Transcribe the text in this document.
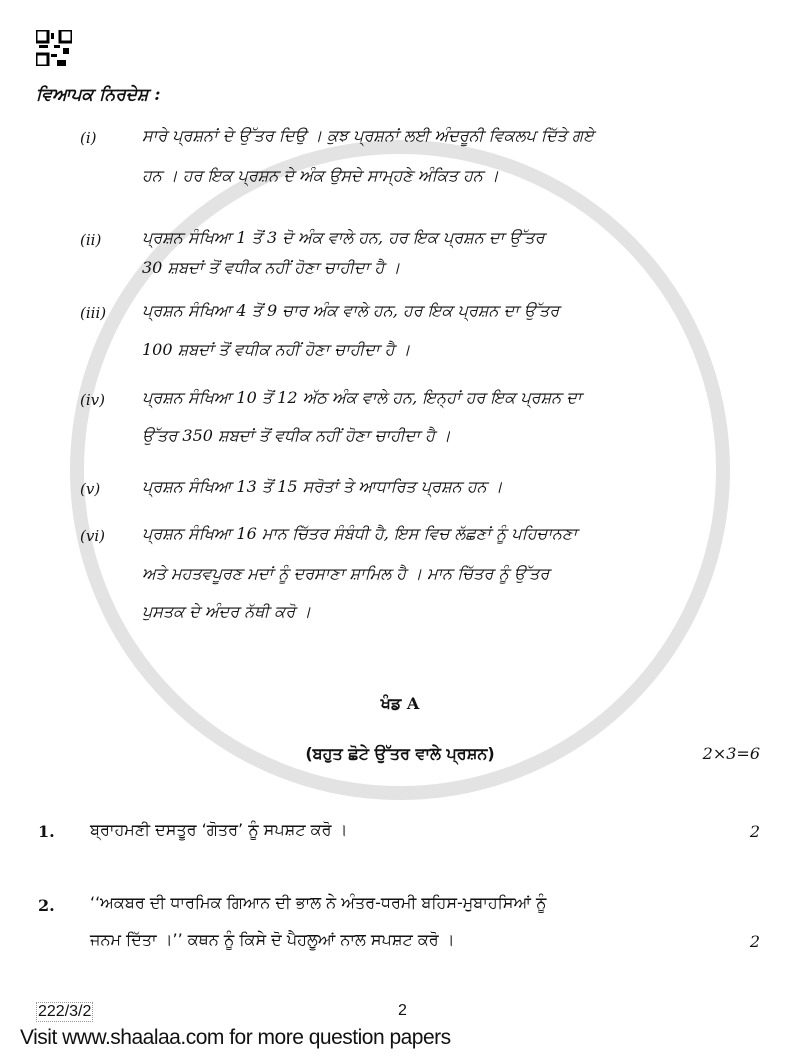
ਵਿਆਪਕ ਨਿਰਦੇਸ਼ :
(i)	ਸਾਰੇ ਪ੍ਰਸ਼ਨਾਂ ਦੇ ਉੱਤਰ ਦਿਉ । ਕੁਝ ਪ੍ਰਸ਼ਨਾਂ ਲਈ ਅੰਦਰੂਨੀ ਵਿਕਲਪ ਦਿੱਤੇ ਗਏ
ਹਨ । ਹਰ ਇਕ ਪ੍ਰਸ਼ਨ ਦੇ ਅੰਕ ਉਸਦੇ ਸਾਮ੍ਹਣੇ ਅੰਕਿਤ ਹਨ ।
(ii)	ਪ੍ਰਸ਼ਨ ਸੰਖਿਆ 1 ਤੋਂ 3 ਦੋ ਅੰਕ ਵਾਲੇ ਹਨ, ਹਰ ਇਕ ਪ੍ਰਸ਼ਨ ਦਾ ਉੱਤਰ
30 ਸ਼ਬਦਾਂ ਤੋਂ ਵਧੀਕ ਨਹੀਂ ਹੋਣਾ ਚਾਹੀਦਾ ਹੈ ।
(iii) ਪ੍ਰਸ਼ਨ ਸੰਖਿਆ 4 ਤੋਂ 9 ਚਾਰ ਅੰਕ ਵਾਲੇ ਹਨ, ਹਰ ਇਕ ਪ੍ਰਸ਼ਨ ਦਾ ਉੱਤਰ
100 ਸ਼ਬਦਾਂ ਤੋਂ ਵਧੀਕ ਨਹੀਂ ਹੋਣਾ ਚਾਹੀਦਾ ਹੈ ।
(iv) ਪ੍ਰਸ਼ਨ ਸੰਖਿਆ 10 ਤੋਂ 12 ਅੱਠ ਅੰਕ ਵਾਲੇ ਹਨ, ਇਨ੍ਹਾਂ ਹਰ ਇਕ ਪ੍ਰਸ਼ਨ ਦਾ
ਉੱਤਰ 350 ਸ਼ਬਦਾਂ ਤੋਂ ਵਧੀਕ ਨਹੀਂ ਹੋਣਾ ਚਾਹੀਦਾ ਹੈ ।
(v)	ਪ੍ਰਸ਼ਨ ਸੰਖਿਆ 13 ਤੋਂ 15 ਸਰੋਤਾਂ ਤੇ ਆਧਾਰਿਤ ਪ੍ਰਸ਼ਨ ਹਨ ।
(vi) ਪ੍ਰਸ਼ਨ ਸੰਖਿਆ 16 ਮਾਨ ਚਿੱਤਰ ਸੰਬੰਧੀ ਹੈ, ਇਸ ਵਿਚ ਲੱਛਣਾਂ ਨੂੰ ਪਹਿਚਾਨਣਾ
ਅਤੇ ਮਹਤਵਪੂਰਣ ਮਦਾਂ ਨੂੰ ਦਰਸਾਣਾ ਸ਼ਾਮਿਲ ਹੈ । ਮਾਨ ਚਿੱਤਰ ਨੂੰ ਉੱਤਰ
ਪੁਸਤਕ ਦੇ ਅੰਦਰ ਨੱਥੀ ਕਰੋ ।
ਖੰਡ A
(ਬਹੁਤ ਛੋਟੇ ਉੱਤਰ ਵਾਲੇ ਪ੍ਰਸ਼ਨ)	2×3=6
1. ਬ੍ਰਾਹਮਣੀ ਦਸਤੂਰ ‘ਗੋਤਰ’ ਨੂੰ ਸਪਸ਼ਟ ਕਰੋ ।	2
2. ‘‘ਅਕਬਰ ਦੀ ਧਾਰਮਿਕ ਗਿਆਨ ਦੀ ਭਾਲ ਨੇ ਅੰਤਰ-ਧਰਮੀ ਬਹਿਸ-ਮੁਬਾਹਸਿਆਂ ਨੂੰ
ਜਨਮ ਦਿੱਤਾ ।’’ ਕਥਨ ਨੂੰ ਕਿਸੇ ਦੋ ਪੈਹਲੂਆਂ ਨਾਲ ਸਪਸ਼ਟ ਕਰੋ ।	2
222/3/2	2
Visit www.shaalaa.com for more question papers
